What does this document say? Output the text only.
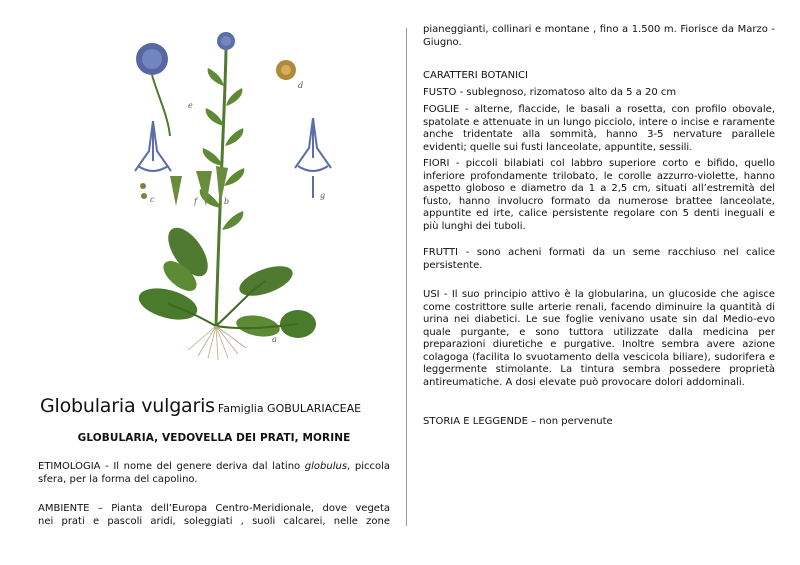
e
d
c	f	b
g
a
Globularia vulgaris Famiglia GOBULARIACEAE
GLOBULARIA, VEDOVELLA DEI PRATI, MORINE
ETIMOLOGIA - Il nome del genere deriva dal latino globulus, piccola sfera, per la forma del capolino.
AMBIENTE – Pianta dell’Europa Centro-Meridionale, dove vegeta
nei prati e pascoli aridi, soleggiati , suoli calcarei, nelle zone

pianeggianti, collinari e montane , fino a 1.500 m. Fiorisce da Marzo - Giugno.

CARATTERI BOTANICI

FUSTO - sublegnoso, rizomatoso alto da 5 a 20 cm

FOGLIE - alterne, flaccide, le basali a rosetta, con profilo obovale, spatolate e attenuate in un lungo picciolo, intere o incise e raramente anche tridentate alla sommità, hanno 3-5 nervature parallele evidenti; quelle sui fusti lanceolate, appuntite, sessili.

FIORI - piccoli bilabiati col labbro superiore corto e bifido, quello inferiore profondamente trilobato, le corolle azzurro-violette, hanno aspetto globoso e diametro da 1 a 2,5 cm, situati all’estremità del fusto, hanno involucro formato da numerose brattee lanceolate, appuntite ed irte, calice persistente regolare con 5 denti ineguali e più lunghi dei tuboli.

FRUTTI - sono acheni formati da un seme racchiuso nel calice persistente.

USI - Il suo principio attivo è la globularina, un glucoside che agisce come costrittore sulle arterie renali, facendo diminuire la quantità di urina nei diabetici. Le sue foglie venivano usate sin dal Medio-evo quale purgante, e sono tuttora utilizzate dalla medicina per preparazioni diuretiche e purgative. Inoltre sembra avere azione colagoga (facilita lo svuotamento della vescicola biliare), sudorifera e leggermente stimolante. La tintura sembra possedere proprietà antireumatiche. A dosi elevate può provocare dolori addominali.

STORIA E LEGGENDE – non pervenute
